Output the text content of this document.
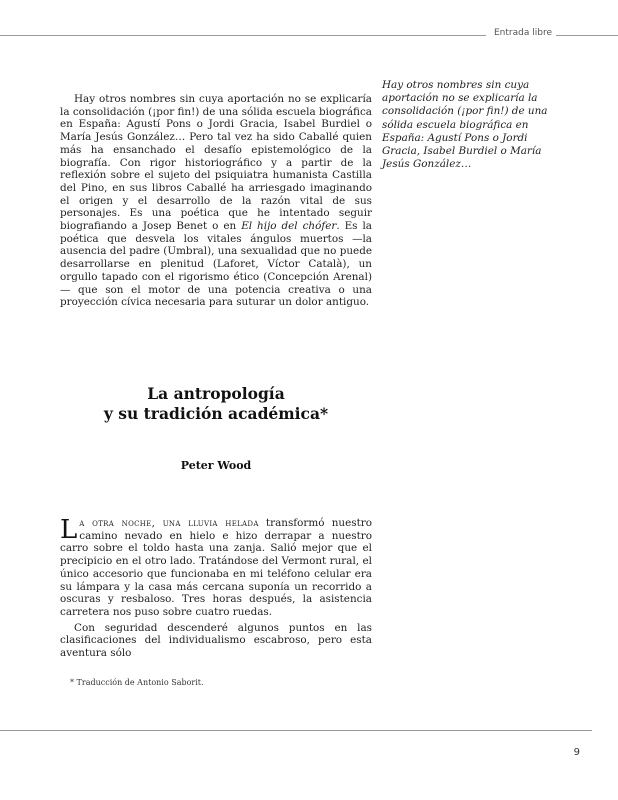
Entrada libre

Hay otros nombres sin cuya aportación no se explicaría la consolidación (¡por fin!) de una sólida escuela biográfica en España: Agustí Pons o Jordi Gracia, Isabel Burdiel o María Jesús González… Pero tal vez ha sido Caballé quien más ha ensanchado el desafío epistemológico de la biografía. Con rigor historiográfico y a partir de la reflexión sobre el sujeto del psiquiatra humanista Castilla del Pino, en sus libros Caballé ha arriesgado imaginando el origen y el desarrollo de la razón vital de sus personajes. Es una poética que he intentado seguir biografiando a Josep Benet o en El hijo del chófer. Es la poética que desvela los vitales ángulos muertos —la ausencia del padre (Umbral), una sexualidad que no puede desarrollarse en plenitud (Laforet, Víctor Català), un orgullo tapado con el rigorismo ético (Concepción Arenal)— que son el motor de una potencia creativa o una proyección cívica necesaria para suturar un dolor antiguo.

Hay otros nombres sin cuya aportación no se explicaría la consolidación (¡por fin!) de una sólida escuela biográfica en España: Agustí Pons o Jordi Gracia, Isabel Burdiel o María Jesús González…
La antropología
y su tradición académica*
Peter Wood

La otra noche, una lluvia helada transformó nuestro camino nevado en hielo e hizo derrapar a nuestro carro sobre el toldo hasta una zanja. Salió mejor que el precipicio en el otro lado. Tratándose del Vermont rural, el único accesorio que funcionaba en mi teléfono celular era su lámpara y la casa más cercana suponía un recorrido a oscuras y resbaloso. Tres horas después, la asistencia carretera nos puso sobre cuatro ruedas.

Con seguridad descenderé algunos puntos en las clasificaciones del individualismo escabroso, pero esta aventura sólo

* Traducción de Antonio Saborit.
9
